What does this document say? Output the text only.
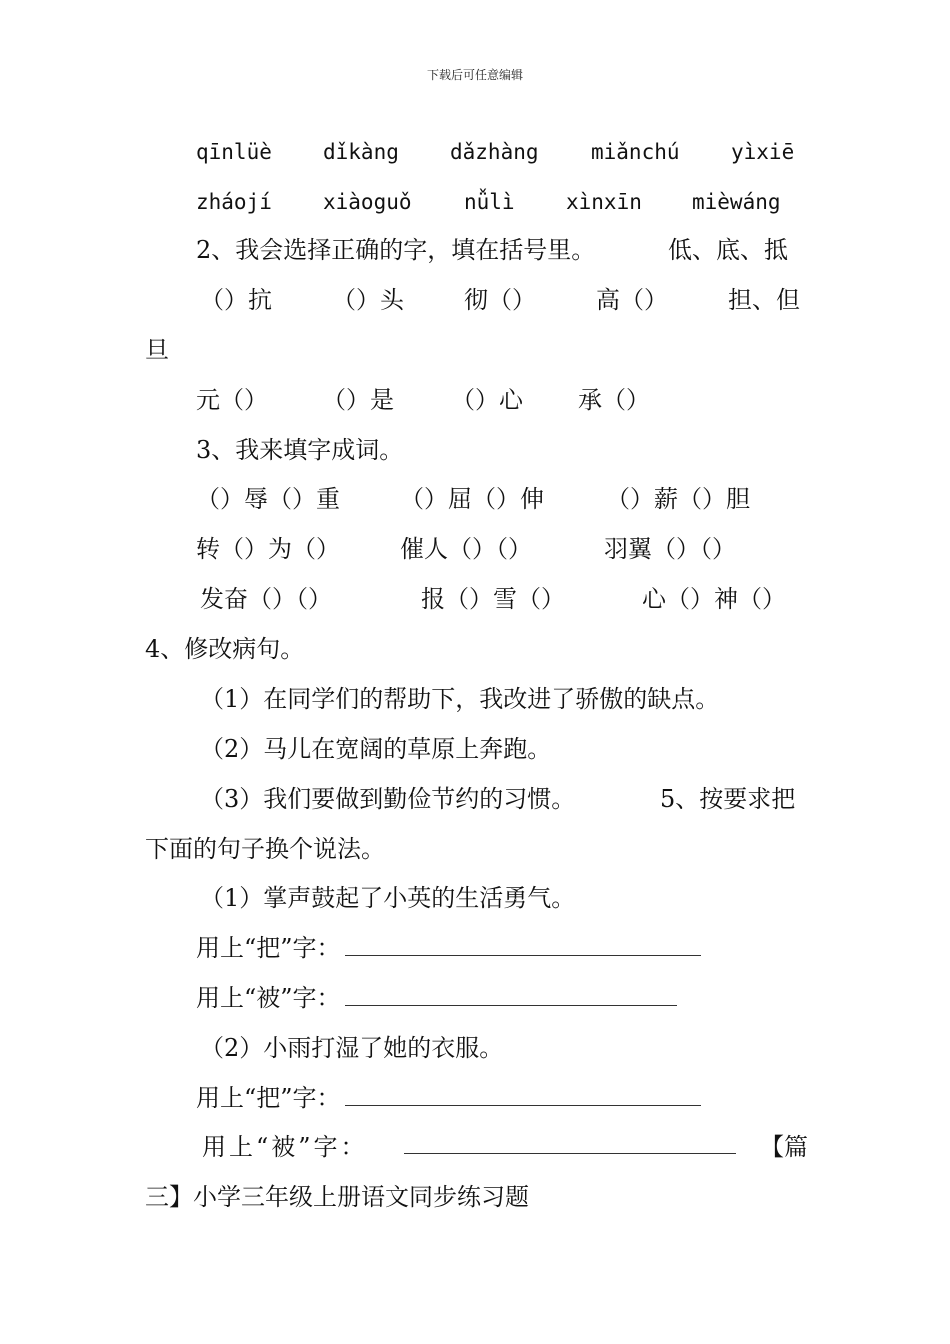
下载后可任意编辑
qīnlüè dǐkàng dǎzhàng miǎnchú yìxiē
zháojí xiàoguǒ nǚlì xìnxīn mièwáng
2、我会选择正确的字，填在括号里。	低、底、抵
（）抗	（）头	彻（）	高（）	担、但
旦
元（） （）是 （）心 承（）
3、我来填字成词。
（）辱（）重	（）屈（）伸	（）薪（）胆
转（）为（）	催人（）（）	羽翼（）（）
发奋（）（）	报（）雪（）	心（）神（）
4、修改病句。
（1）在同学们的帮助下，我改进了骄傲的缺点。
（2）马儿在宽阔的草原上奔跑。
（3）我们要做到勤俭节约的习惯。	5、按要求把
下面的句子换个说法。
（1）掌声鼓起了小英的生活勇气。
用上“把”字：
用上“被”字：
（2）小雨打湿了她的衣服。
用上“把”字：
用上“被”字：	【篇
三】小学三年级上册语文同步练习题
